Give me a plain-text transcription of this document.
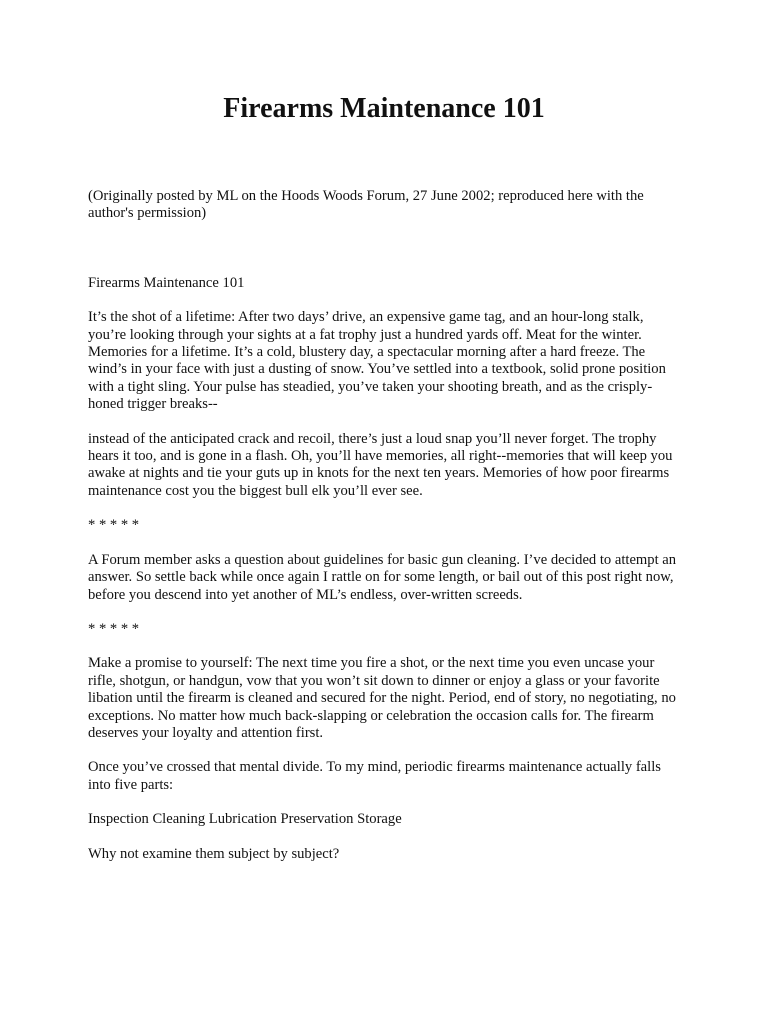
Firearms Maintenance 101

(Originally posted by ML on the Hoods Woods Forum, 27 June 2002; reproduced here with the author's permission)

Firearms Maintenance 101

It’s the shot of a lifetime: After two days’ drive, an expensive game tag, and an hour-long stalk, you’re looking through your sights at a fat trophy just a hundred yards off. Meat for the winter. Memories for a lifetime. It’s a cold, blustery day, a spectacular morning after a hard freeze. The wind’s in your face with just a dusting of snow. You’ve settled into a textbook, solid prone position with a tight sling. Your pulse has steadied, you’ve taken your shooting breath, and as the crisply-honed trigger breaks--

instead of the anticipated crack and recoil, there’s just a loud snap you’ll never forget. The trophy hears it too, and is gone in a flash. Oh, you’ll have memories, all right--memories that will keep you awake at nights and tie your guts up in knots for the next ten years. Memories of how poor firearms maintenance cost you the biggest bull elk you’ll ever see.

* * * * *

A Forum member asks a question about guidelines for basic gun cleaning. I’ve decided to attempt an answer. So settle back while once again I rattle on for some length, or bail out of this post right now, before you descend into yet another of ML’s endless, over-written screeds.

* * * * *

Make a promise to yourself: The next time you fire a shot, or the next time you even uncase your rifle, shotgun, or handgun, vow that you won’t sit down to dinner or enjoy a glass or your favorite libation until the firearm is cleaned and secured for the night. Period, end of story, no negotiating, no exceptions. No matter how much back-slapping or celebration the occasion calls for. The firearm deserves your loyalty and attention first.

Once you’ve crossed that mental divide. To my mind, periodic firearms maintenance actually falls into five parts:

Inspection Cleaning Lubrication Preservation Storage

Why not examine them subject by subject?
